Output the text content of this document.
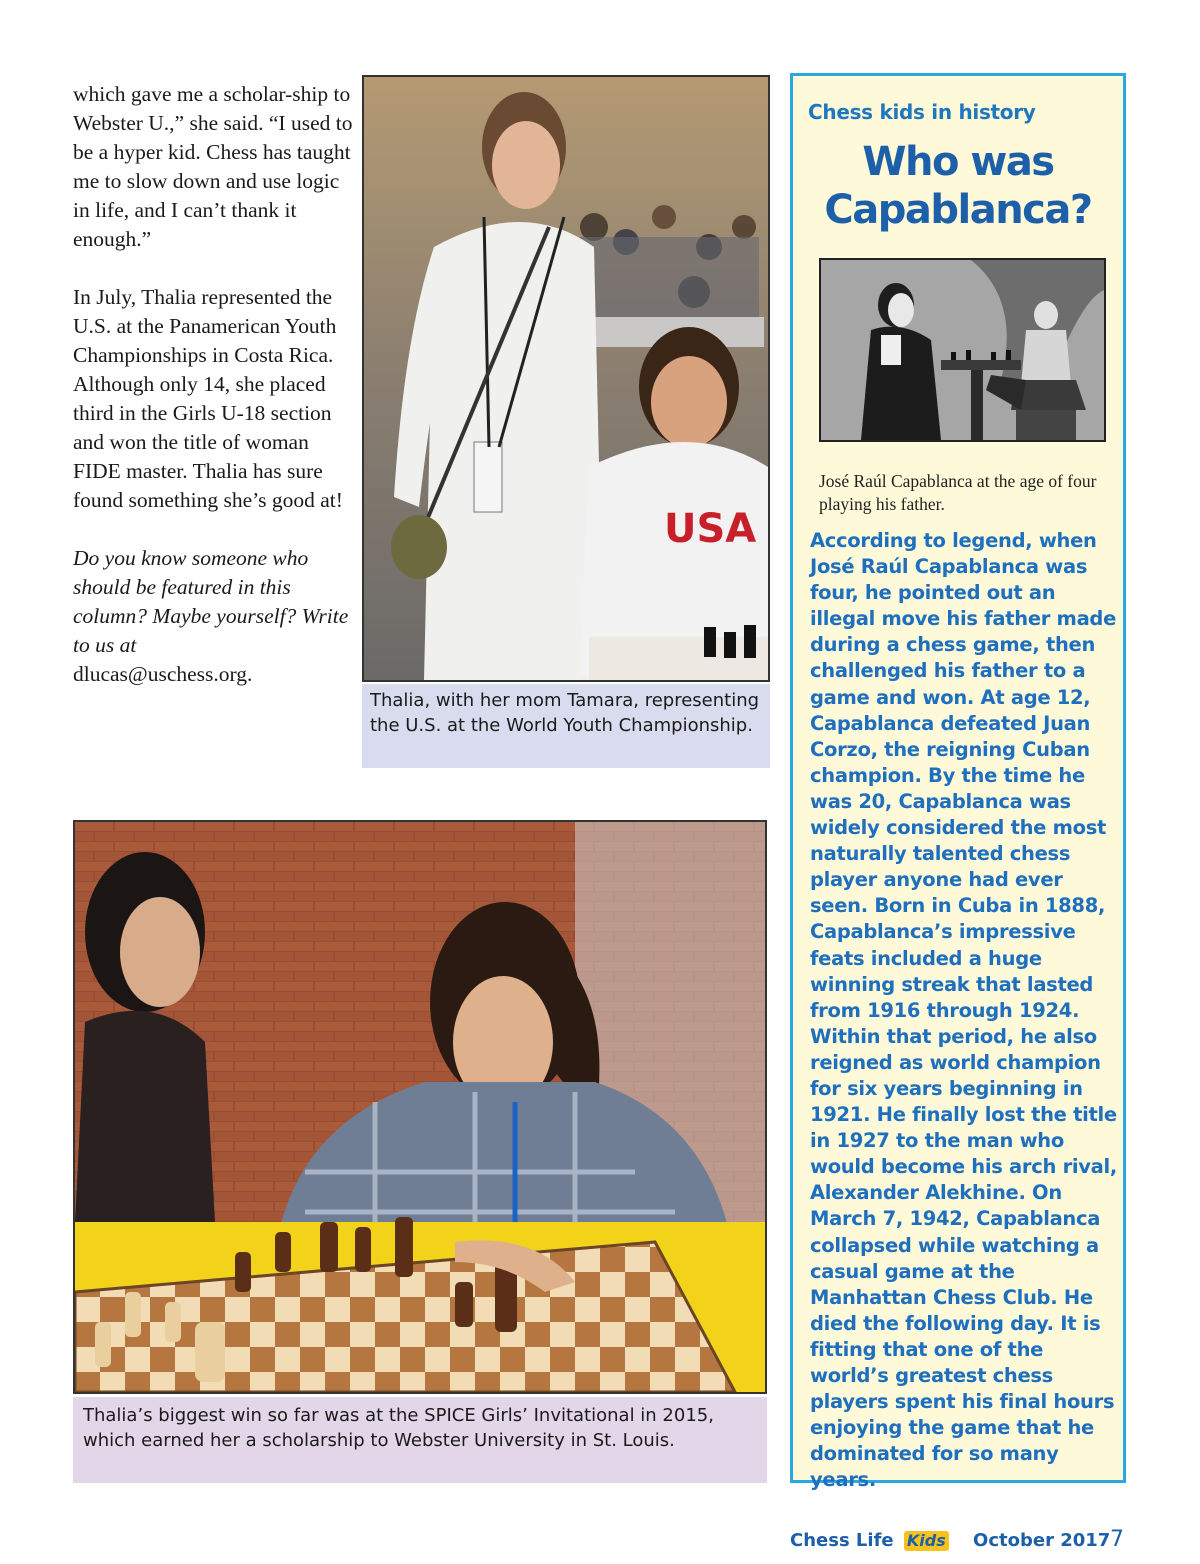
which gave me a scholar-ship to Webster U.,” she said. “I used to be a hyper kid. Chess has taught me to slow down and use logic in life, and I can’t thank it enough.”

In July, Thalia represented the U.S. at the Panamerican Youth Championships in Costa Rica. Although only 14, she placed third in the Girls U-18 section and won the title of woman FIDE master. Thalia has sure found something she’s good at!

Do you know someone who should be featured in this column? Maybe yourself? Write to us at
dlucas@uschess.org.

USA
Thalia, with her mom Tamara, representing the U.S. at the World Youth Championship.
Thalia’s biggest win so far was at the SPICE Girls’ Invitational in 2015, which earned her a scholarship to Webster University in St. Louis.
Chess kids in history
Who was Capablanca?
José Raúl Capablanca at the age of four playing his father.
According to legend, when José Raúl Capablanca was four, he pointed out an illegal move his father made during a chess game, then challenged his father to a game and won. At age 12, Capablanca defeated Juan Corzo, the reigning Cuban champion. By the time he was 20, Capablanca was widely considered the most naturally talented chess player anyone had ever seen. Born in Cuba in 1888, Capablanca’s impressive feats included a huge winning streak that lasted from 1916 through 1924. Within that period, he also reigned as world champion for six years beginning in 1921. He finally lost the title in 1927 to the man who would become his arch rival, Alexander Alekhine. On March 7, 1942, Capablanca collapsed while watching a casual game at the Manhattan Chess Club. He died the following day. It is fitting that one of the world’s greatest chess players spent his final hours enjoying the game that he dominated for so many years.
Chess Life Kids October 2017 7
